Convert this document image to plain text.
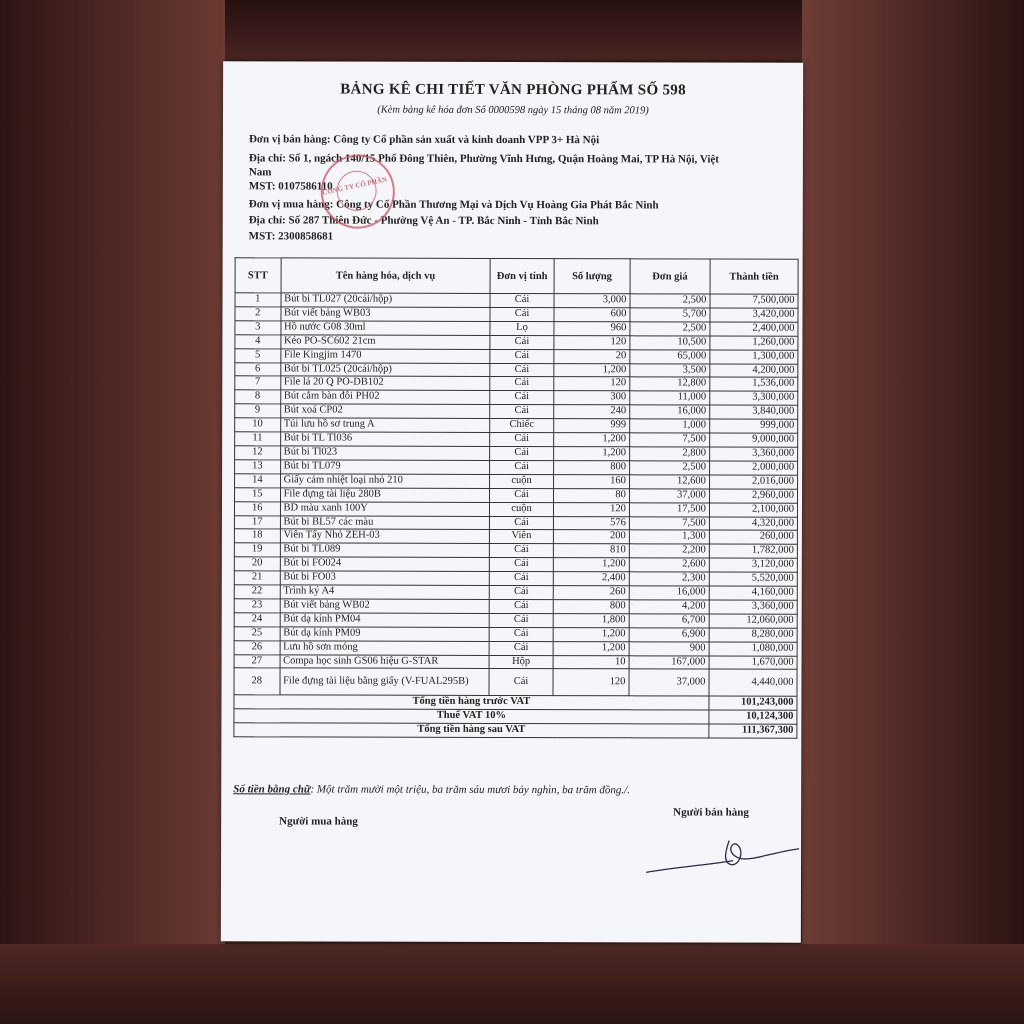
BẢNG KÊ CHI TIẾT VĂN PHÒNG PHẨM SỐ 598
(Kèm bảng kê hóa đơn Số 0000598 ngày 15 tháng 08 năm 2019)
Đơn vị bán hàng: Công ty Cổ phần sản xuất và kinh doanh VPP 3+ Hà Nội
Địa chỉ: Số 1, ngách 140/15 Phố Đông Thiên, Phường Vĩnh Hưng, Quận Hoàng Mai, TP Hà Nội, Việt
Nam
MST: 0107586110
Đơn vị mua hàng: Công ty Cổ Phần Thương Mại và Dịch Vụ Hoàng Gia Phát Bắc Ninh
Địa chỉ: Số 287 Thiên Đức - Phường Vệ An - TP. Bắc Ninh - Tỉnh Bắc Ninh
MST: 2300858681
CÔNG TY CỔ PHẦN
STT	Tên hàng hóa, dịch vụ	Đơn vị tính	Số lượng	Đơn giá	Thành tiền
1	Bút bi TL027 (20cái/hộp)	Cái	3,000	2,500	7,500,000
2	Bút viết bảng WB03	Cái	600	5,700	3,420,000
3	Hồ nước G08 30ml	Lọ	960	2,500	2,400,000
4	Kéo PO-SC602 21cm	Cái	120	10,500	1,260,000
5	File Kingjim 1470	Cái	20	65,000	1,300,000
6	Bút bi TL025 (20cái/hộp)	Cái	1,200	3,500	4,200,000
7	File lá 20 Q PO-DB102	Cái	120	12,800	1,536,000
8	Bút cắm bàn đôi PH02	Cái	300	11,000	3,300,000
9	Bút xoá CP02	Cái	240	16,000	3,840,000
10	Túi lưu hồ sơ trung A	Chiếc	999	1,000	999,000
11	Bút bi TL Tl036	Cái	1,200	7,500	9,000,000
12	Bút bi Tl023	Cái	1,200	2,800	3,360,000
13	Bút bi TL079	Cái	800	2,500	2,000,000
14	Giấy cảm nhiệt loại nhỏ 210	cuộn	160	12,600	2,016,000
15	File đựng tài liệu 280B	Cái	80	37,000	2,960,000
16	BD màu xanh 100Y	cuộn	120	17,500	2,100,000
17	Bút bi BL57 các màu	Cái	576	7,500	4,320,000
18	Viên Tẩy Nhỏ ZEH-03	Viên	200	1,300	260,000
19	Bút bi TL089	Cái	810	2,200	1,782,000
20	Bút bi FO024	Cái	1,200	2,600	3,120,000
21	Bút bi FO03	Cái	2,400	2,300	5,520,000
22	Trình ký A4	Cái	260	16,000	4,160,000
23	Bút viết bảng WB02	Cái	800	4,200	3,360,000
24	Bút dạ kính PM04	Cái	1,800	6,700	12,060,000
25	Bút dạ kính PM09	Cái	1,200	6,900	8,280,000
26	Lưu hồ sơn móng	Cái	1,200	900	1,080,000
27	Compa học sinh GS06 hiệu G-STAR	Hộp	10	167,000	1,670,000
28	File đựng tài liệu bằng giấy (V-FUAL295B)	Cái	120	37,000	4,440,000
Tổng tiền hàng trước VAT					101,243,000
Thuế VAT 10%					10,124,300
Tổng tiền hàng sau VAT					111,367,300
Số tiền bằng chữ: Một trăm mười một triệu, ba trăm sáu mươi bảy nghìn, ba trăm đồng./.
Người bán hàng
Người mua hàng
